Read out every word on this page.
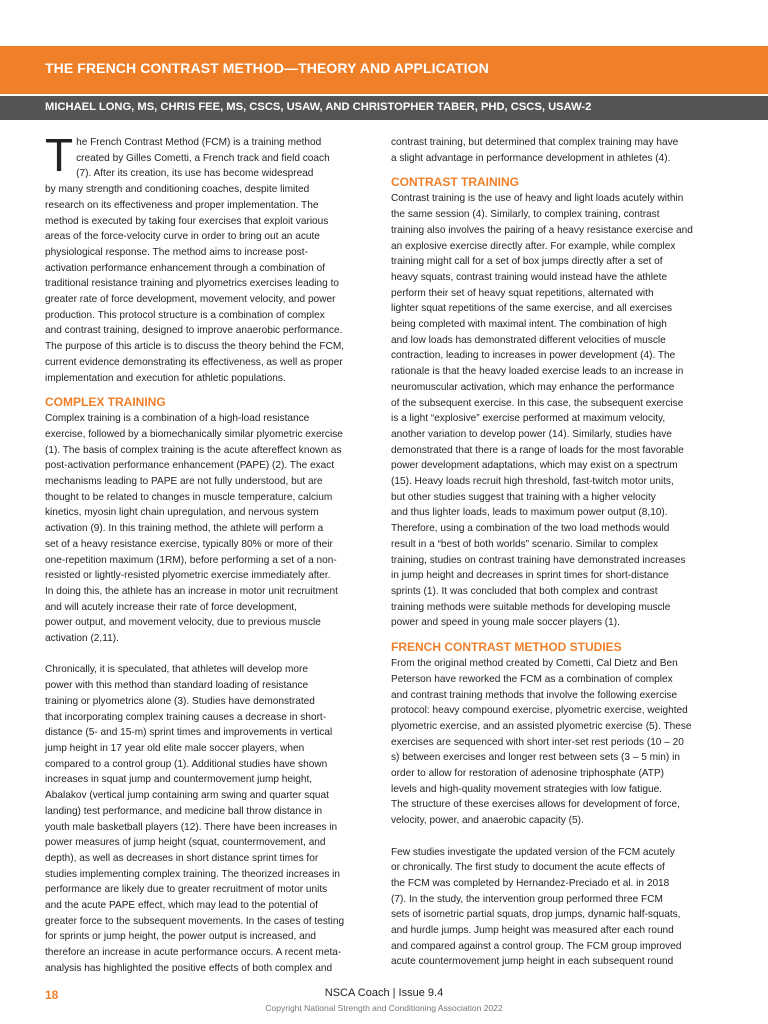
THE FRENCH CONTRAST METHOD—THEORY AND APPLICATION

MICHAEL LONG, MS, CHRIS FEE, MS, CSCS, USAW, AND CHRISTOPHER TABER, PHD, CSCS, USAW-2

T he French Contrast Method (FCM) is a training method
created by Gilles Cometti, a French track and field coach
(7). After its creation, its use has become widespread
by many strength and conditioning coaches, despite limited
research on its effectiveness and proper implementation. The
method is executed by taking four exercises that exploit various
areas of the force-velocity curve in order to bring out an acute
physiological response. The method aims to increase post-
activation performance enhancement through a combination of
traditional resistance training and plyometrics exercises leading to
greater rate of force development, movement velocity, and power
production. This protocol structure is a combination of complex
and contrast training, designed to improve anaerobic performance.
The purpose of this article is to discuss the theory behind the FCM,
current evidence demonstrating its effectiveness, as well as proper
implementation and execution for athletic populations.
COMPLEX TRAINING
Complex training is a combination of a high-load resistance
exercise, followed by a biomechanically similar plyometric exercise
(1). The basis of complex training is the acute aftereffect known as
post-activation performance enhancement (PAPE) (2). The exact
mechanisms leading to PAPE are not fully understood, but are
thought to be related to changes in muscle temperature, calcium
kinetics, myosin light chain upregulation, and nervous system
activation (9). In this training method, the athlete will perform a
set of a heavy resistance exercise, typically 80% or more of their
one-repetition maximum (1RM), before performing a set of a non-
resisted or lightly-resisted plyometric exercise immediately after.
In doing this, the athlete has an increase in motor unit recruitment
and will acutely increase their rate of force development,
power output, and movement velocity, due to previous muscle
activation (2,11).
Chronically, it is speculated, that athletes will develop more
power with this method than standard loading of resistance
training or plyometrics alone (3). Studies have demonstrated
that incorporating complex training causes a decrease in short-
distance (5- and 15-m) sprint times and improvements in vertical
jump height in 17 year old elite male soccer players, when
compared to a control group (1). Additional studies have shown
increases in squat jump and countermovement jump height,
Abalakov (vertical jump containing arm swing and quarter squat
landing) test performance, and medicine ball throw distance in
youth male basketball players (12). There have been increases in
power measures of jump height (squat, countermovement, and
depth), as well as decreases in short distance sprint times for
studies implementing complex training. The theorized increases in
performance are likely due to greater recruitment of motor units
and the acute PAPE effect, which may lead to the potential of
greater force to the subsequent movements. In the cases of testing
for sprints or jump height, the power output is increased, and
therefore an increase in acute performance occurs. A recent meta-
analysis has highlighted the positive effects of both complex and
contrast training, but determined that complex training may have
a slight advantage in performance development in athletes (4).
CONTRAST TRAINING
Contrast training is the use of heavy and light loads acutely within
the same session (4). Similarly, to complex training, contrast
training also involves the pairing of a heavy resistance exercise and
an explosive exercise directly after. For example, while complex
training might call for a set of box jumps directly after a set of
heavy squats, contrast training would instead have the athlete
perform their set of heavy squat repetitions, alternated with
lighter squat repetitions of the same exercise, and all exercises
being completed with maximal intent. The combination of high
and low loads has demonstrated different velocities of muscle
contraction, leading to increases in power development (4). The
rationale is that the heavy loaded exercise leads to an increase in
neuromuscular activation, which may enhance the performance
of the subsequent exercise. In this case, the subsequent exercise
is a light “explosive” exercise performed at maximum velocity,
another variation to develop power (14). Similarly, studies have
demonstrated that there is a range of loads for the most favorable
power development adaptations, which may exist on a spectrum
(15). Heavy loads recruit high threshold, fast-twitch motor units,
but other studies suggest that training with a higher velocity
and thus lighter loads, leads to maximum power output (8,10).
Therefore, using a combination of the two load methods would
result in a “best of both worlds” scenario. Similar to complex
training, studies on contrast training have demonstrated increases
in jump height and decreases in sprint times for short-distance
sprints (1). It was concluded that both complex and contrast
training methods were suitable methods for developing muscle
power and speed in young male soccer players (1).
FRENCH CONTRAST METHOD STUDIES
From the original method created by Cometti, Cal Dietz and Ben
Peterson have reworked the FCM as a combination of complex
and contrast training methods that involve the following exercise
protocol: heavy compound exercise, plyometric exercise, weighted
plyometric exercise, and an assisted plyometric exercise (5). These
exercises are sequenced with short inter-set rest periods (10 – 20
s) between exercises and longer rest between sets (3 – 5 min) in
order to allow for restoration of adenosine triphosphate (ATP)
levels and high-quality movement strategies with low fatigue.
The structure of these exercises allows for development of force,
velocity, power, and anaerobic capacity (5).
Few studies investigate the updated version of the FCM acutely
or chronically. The first study to document the acute effects of
the FCM was completed by Hernandez-Preciado et al. in 2018
(7). In the study, the intervention group performed three FCM
sets of isometric partial squats, drop jumps, dynamic half-squats,
and hurdle jumps. Jump height was measured after each round
and compared against a control group. The FCM group improved
acute countermovement jump height in each subsequent round
18	NSCA Coach | Issue 9.4
Copyright National Strength and Conditioning Association 2022
